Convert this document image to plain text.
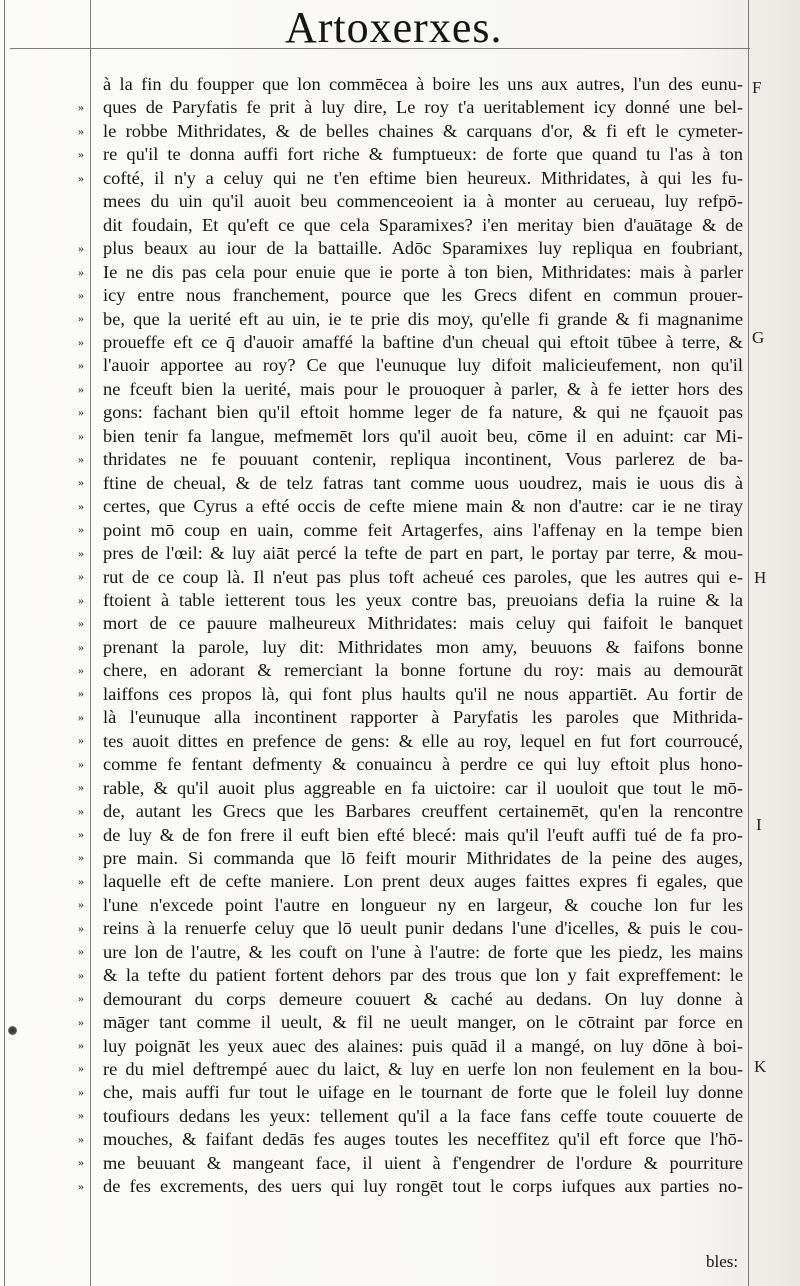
Artoxerxes.
»
»
»
»
»
»
»
»
»
»
»
»
»
»
»
»
»
»
»
»
»
»
»
»
»
»
»
»
»
»
»
»
»
»
»
»
»
»
»
»
»
»
»
»
»
à la fin du foupper que lon commēcea à boire les uns aux autres, l'un des eunu-
ques de Paryfatis fe prit à luy dire, Le roy t'a ueritablement icy donné une bel-
le robbe Mithridates, & de belles chaines & carquans d'or, & fi eft le cymeter-
re qu'il te donna auffi fort riche & fumptueux: de forte que quand tu l'as à ton
cofté, il n'y a celuy qui ne t'en eftime bien heureux. Mithridates, à qui les fu-
mees du uin qu'il auoit beu commenceoient ia à monter au cerueau, luy refpō-
dit foudain, Et qu'eft ce que cela Sparamixes? i'en meritay bien d'auātage & de
plus beaux au iour de la battaille. Adōc Sparamixes luy repliqua en foubriant,
Ie ne dis pas cela pour enuie que ie porte à ton bien, Mithridates: mais à parler
icy entre nous franchement, pource que les Grecs difent en commun prouer-
be, que la uerité eft au uin, ie te prie dis moy, qu'elle fi grande & fi magnanime
proueffe eft ce q̄ d'auoir amaffé la baftine d'un cheual qui eftoit tūbee à terre, &
l'auoir apportee au roy? Ce que l'eunuque luy difoit malicieufement, non qu'il
ne fceuft bien la uerité, mais pour le prouoquer à parler, & à fe ietter hors des
gons: fachant bien qu'il eftoit homme leger de fa nature, & qui ne fçauoit pas
bien tenir fa langue, mefmemēt lors qu'il auoit beu, cōme il en aduint: car Mi-
thridates ne fe pouuant contenir, repliqua incontinent, Vous parlerez de ba-
ftine de cheual, & de telz fatras tant comme uous uoudrez, mais ie uous dis à
certes, que Cyrus a efté occis de cefte miene main & non d'autre: car ie ne tiray
point mō coup en uain, comme feit Artagerfes, ains l'affenay en la tempe bien
pres de l'œil: & luy aiāt percé la tefte de part en part, le portay par terre, & mou-
rut de ce coup là. Il n'eut pas plus toft acheué ces paroles, que les autres qui e-
ftoient à table ietterent tous les yeux contre bas, preuoians defia la ruine & la
mort de ce pauure malheureux Mithridates: mais celuy qui faifoit le banquet
prenant la parole, luy dit: Mithridates mon amy, beuuons & faifons bonne
chere, en adorant & remerciant la bonne fortune du roy: mais au demourāt
laiffons ces propos là, qui font plus haults qu'il ne nous appartiēt. Au fortir de
là l'eunuque alla incontinent rapporter à Paryfatis les paroles que Mithrida-
tes auoit dittes en prefence de gens: & elle au roy, lequel en fut fort courroucé,
comme fe fentant defmenty & conuaincu à perdre ce qui luy eftoit plus hono-
rable, & qu'il auoit plus aggreable en fa uictoire: car il uouloit que tout le mō-
de, autant les Grecs que les Barbares creuffent certainemēt, qu'en la rencontre
de luy & de fon frere il euft bien efté blecé: mais qu'il l'euft auffi tué de fa pro-
pre main. Si commanda que lō feift mourir Mithridates de la peine des auges,
laquelle eft de cefte maniere. Lon prent deux auges faittes expres fi egales, que
l'une n'excede point l'autre en longueur ny en largeur, & couche lon fur les
reins à la renuerfe celuy que lō ueult punir dedans l'une d'icelles, & puis le cou-
ure lon de l'autre, & les couft on l'une à l'autre: de forte que les piedz, les mains
& la tefte du patient fortent dehors par des trous que lon y fait expreffement: le
demourant du corps demeure couuert & caché au dedans. On luy donne à
māger tant comme il ueult, & fil ne ueult manger, on le cōtraint par force en
luy poignāt les yeux auec des alaines: puis quād il a mangé, on luy dōne à boi-
re du miel deftrempé auec du laict, & luy en uerfe lon non feulement en la bou-
che, mais auffi fur tout le uifage en le tournant de forte que le foleil luy donne
toufiours dedans les yeux: tellement qu'il a la face fans ceffe toute couuerte de
mouches, & faifant dedās fes auges toutes les neceffitez qu'il eft force que l'hō-
me beuuant & mangeant face, il uient à f'engendrer de l'ordure & pourriture
de fes excrements, des uers qui luy rongēt tout le corps iufques aux parties no-
F
G
H
I
K
bles:
